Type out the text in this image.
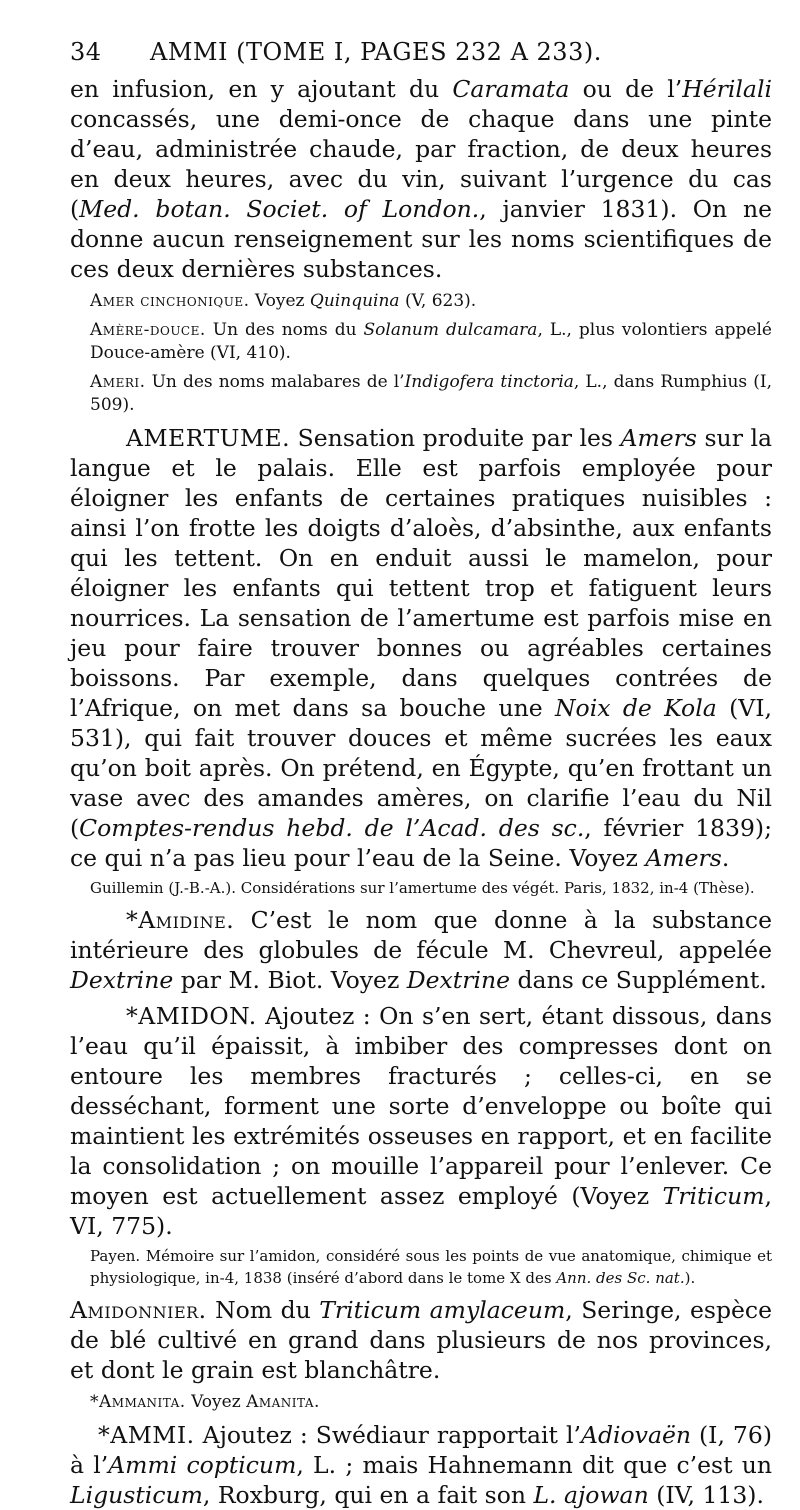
34	AMMI (TOME I, PAGES 232 A 233).

en infusion, en y ajoutant du Caramata ou de l’Hérilali concassés, une demi-once de chaque dans une pinte d’eau, administrée chaude, par fraction, de deux heures en deux heures, avec du vin, suivant l’urgence du cas (Med. botan. Societ. of London., janvier 1831). On ne donne aucun renseignement sur les noms scientifiques de ces deux dernières substances.

Amer cinchonique. Voyez Quinquina (V, 623).

Amère-douce. Un des noms du Solanum dulcamara, L., plus volontiers appelé Douce-amère (VI, 410).

Ameri. Un des noms malabares de l’Indigofera tinctoria, L., dans Rumphius (I, 509).

AMERTUME. Sensation produite par les Amers sur la langue et le palais. Elle est parfois employée pour éloigner les enfants de certaines pratiques nuisibles : ainsi l’on frotte les doigts d’aloès, d’absinthe, aux enfants qui les tettent. On en enduit aussi le mamelon, pour éloigner les enfants qui tettent trop et fatiguent leurs nourrices. La sensation de l’amertume est parfois mise en jeu pour faire trouver bonnes ou agréables certaines boissons. Par exemple, dans quelques contrées de l’Afrique, on met dans sa bouche une Noix de Kola (VI, 531), qui fait trouver douces et même sucrées les eaux qu’on boit après. On prétend, en Égypte, qu’en frottant un vase avec des amandes amères, on clarifie l’eau du Nil (Comptes-rendus hebd. de l’Acad. des sc., février 1839); ce qui n’a pas lieu pour l’eau de la Seine. Voyez Amers.

Guillemin (J.-B.-A.). Considérations sur l’amertume des végét. Paris, 1832, in-4 (Thèse).

*Amidine. C’est le nom que donne à la substance intérieure des globules de fécule M. Chevreul, appelée Dextrine par M. Biot. Voyez Dextrine dans ce Supplément.

*AMIDON. Ajoutez : On s’en sert, étant dissous, dans l’eau qu’il épaissit, à imbiber des compresses dont on entoure les membres fracturés ; celles-ci, en se desséchant, forment une sorte d’enveloppe ou boîte qui maintient les extrémités osseuses en rapport, et en facilite la consolidation ; on mouille l’appareil pour l’enlever. Ce moyen est actuellement assez employé (Voyez Triticum, VI, 775).

Payen. Mémoire sur l’amidon, considéré sous les points de vue anatomique, chimique et physiologique, in-4, 1838 (inséré d’abord dans le tome X des Ann. des Sc. nat.).

Amidonnier. Nom du Triticum amylaceum, Seringe, espèce de blé cultivé en grand dans plusieurs de nos provinces, et dont le grain est blanchâtre.

*Ammanita. Voyez Amanita.

*AMMI. Ajoutez : Swédiaur rapportait l’Adiovaën (I, 76) à l’Ammi copticum, L. ; mais Hahnemann dit que c’est un Ligusticum, Roxburg, qui en a fait son L. ajowan (IV, 113).
